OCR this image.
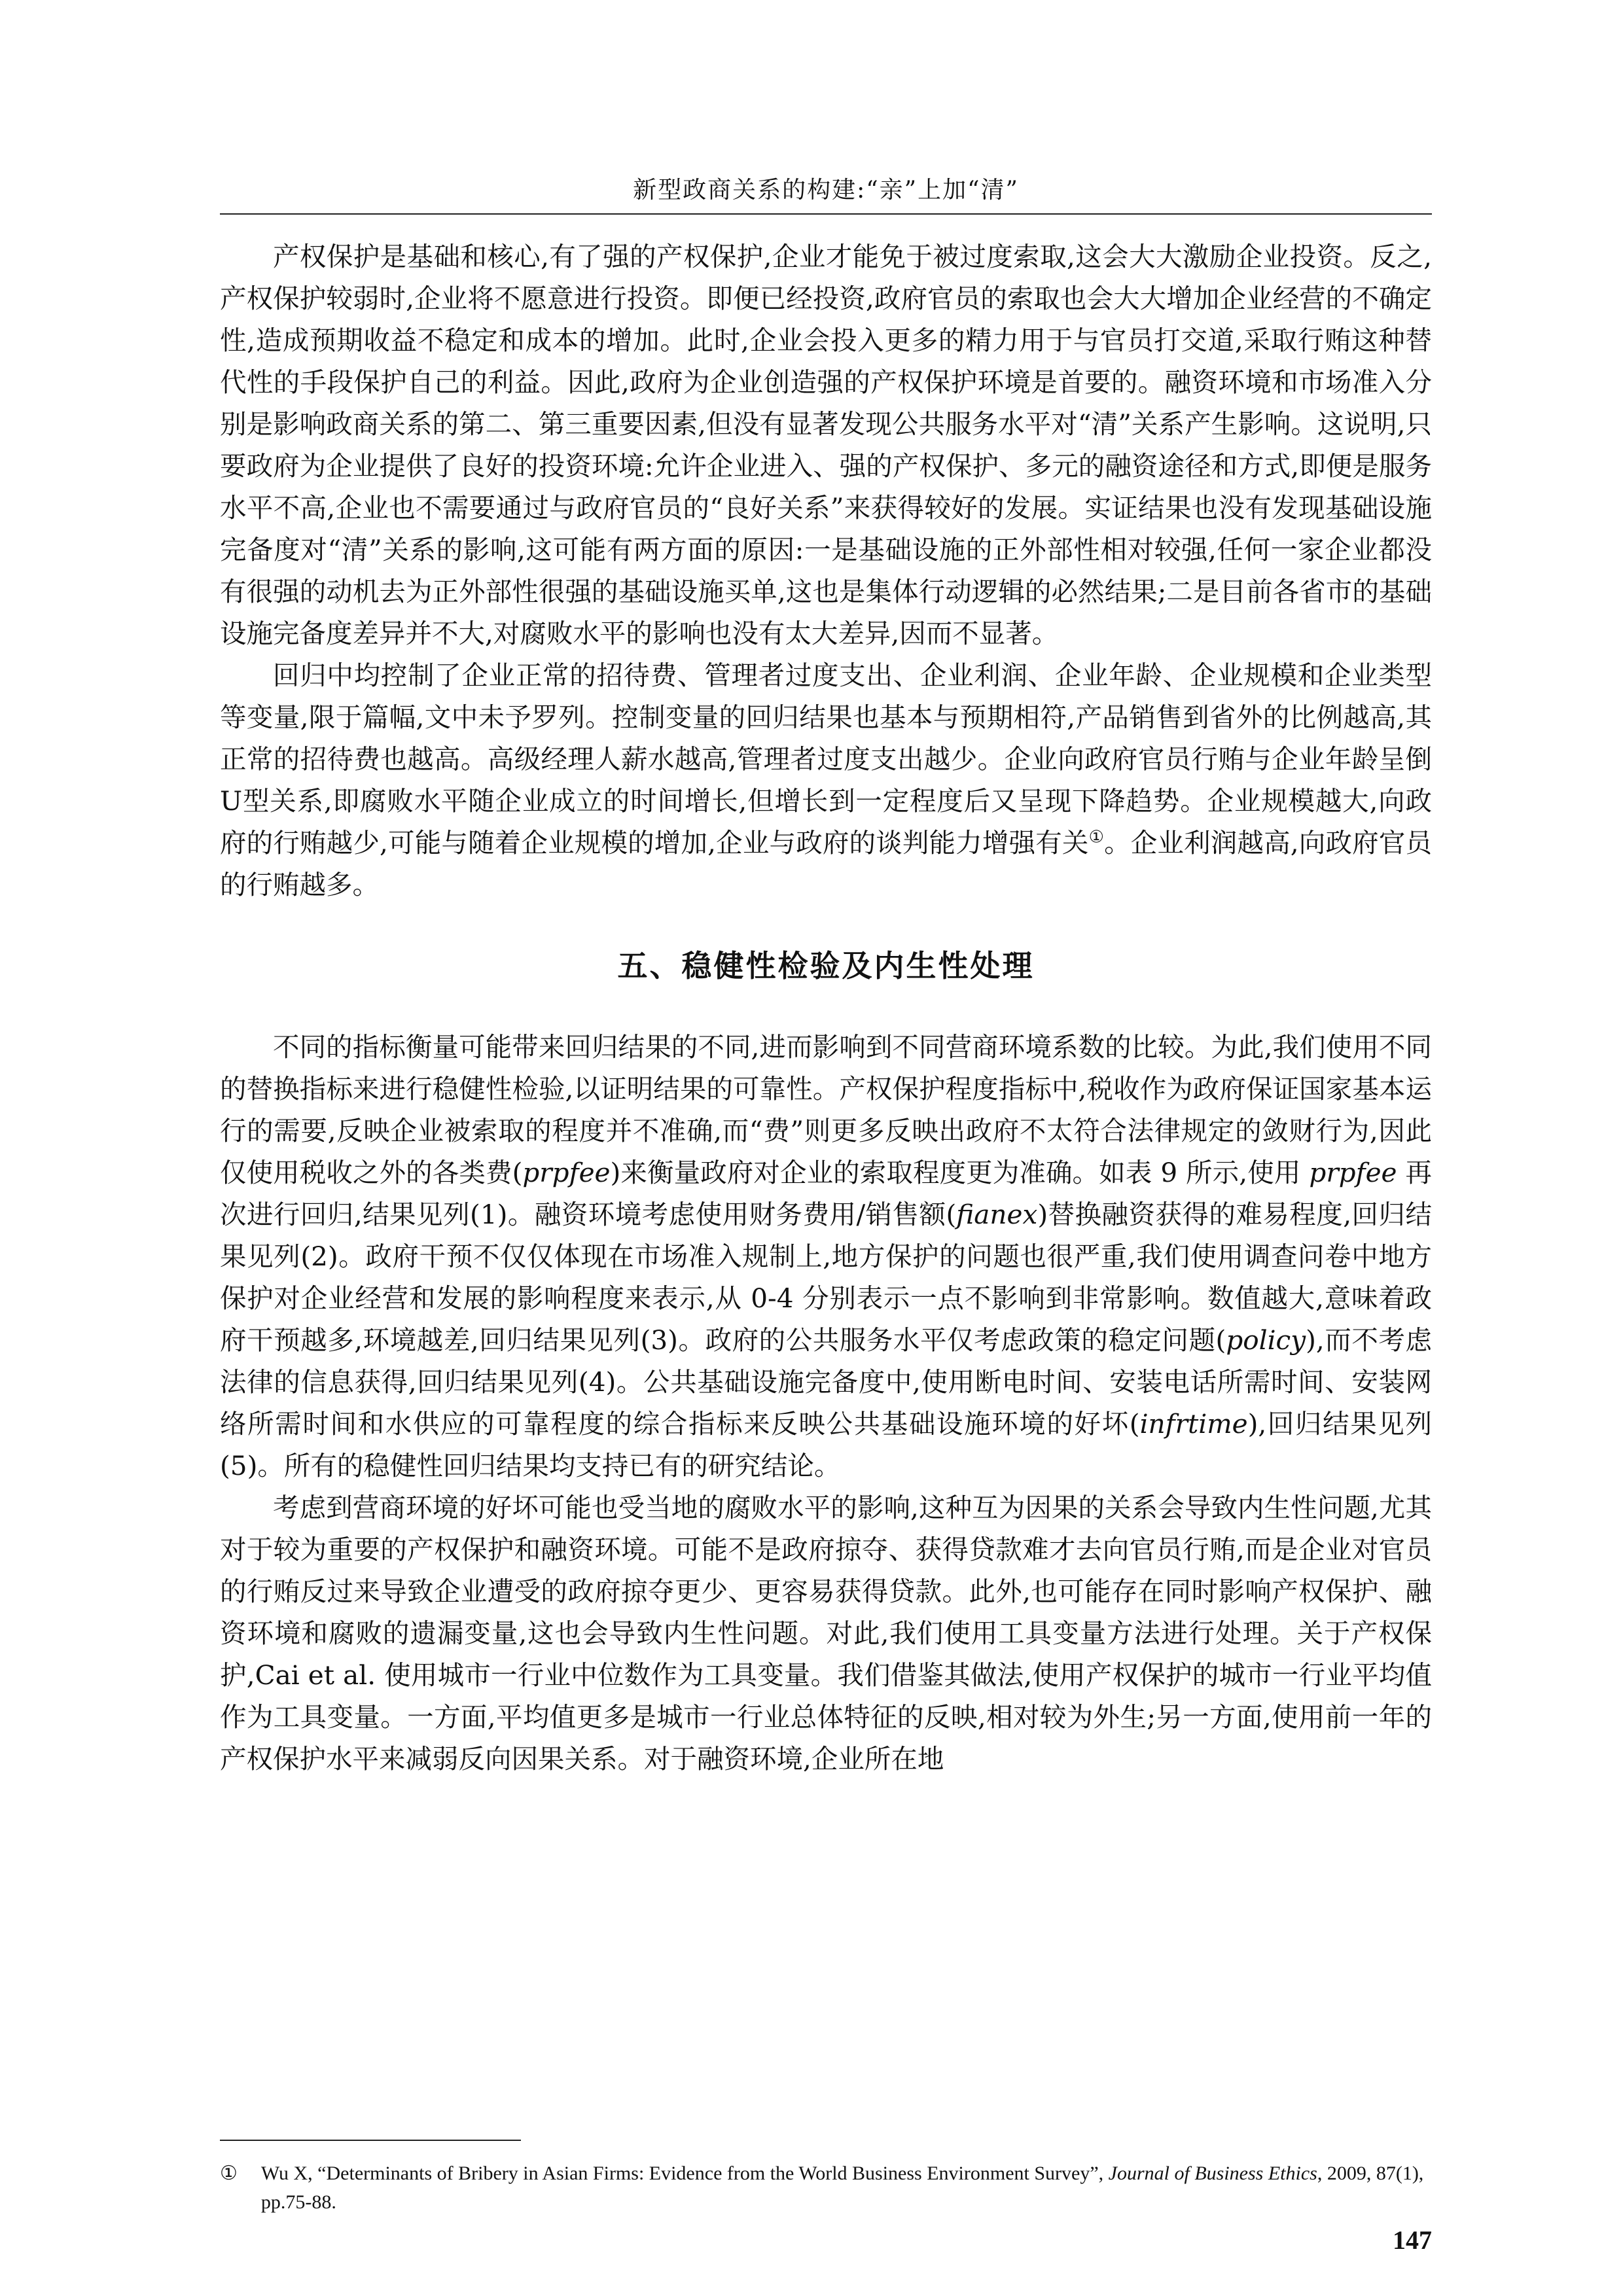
新型政商关系的构建:“亲”上加“清”

产权保护是基础和核心,有了强的产权保护,企业才能免于被过度索取,这会大大激励企业投资。反之,产权保护较弱时,企业将不愿意进行投资。即便已经投资,政府官员的索取也会大大增加企业经营的不确定性,造成预期收益不稳定和成本的增加。此时,企业会投入更多的精力用于与官员打交道,采取行贿这种替代性的手段保护自己的利益。因此,政府为企业创造强的产权保护环境是首要的。融资环境和市场准入分别是影响政商关系的第二、第三重要因素,但没有显著发现公共服务水平对“清”关系产生影响。这说明,只要政府为企业提供了良好的投资环境:允许企业进入、强的产权保护、多元的融资途径和方式,即便是服务水平不高,企业也不需要通过与政府官员的“良好关系”来获得较好的发展。实证结果也没有发现基础设施完备度对“清”关系的影响,这可能有两方面的原因:一是基础设施的正外部性相对较强,任何一家企业都没有很强的动机去为正外部性很强的基础设施买单,这也是集体行动逻辑的必然结果;二是目前各省市的基础设施完备度差异并不大,对腐败水平的影响也没有太大差异,因而不显著。

回归中均控制了企业正常的招待费、管理者过度支出、企业利润、企业年龄、企业规模和企业类型等变量,限于篇幅,文中未予罗列。控制变量的回归结果也基本与预期相符,产品销售到省外的比例越高,其正常的招待费也越高。高级经理人薪水越高,管理者过度支出越少。企业向政府官员行贿与企业年龄呈倒U型关系,即腐败水平随企业成立的时间增长,但增长到一定程度后又呈现下降趋势。企业规模越大,向政府的行贿越少,可能与随着企业规模的增加,企业与政府的谈判能力增强有关①。企业利润越高,向政府官员的行贿越多。

五、稳健性检验及内生性处理

不同的指标衡量可能带来回归结果的不同,进而影响到不同营商环境系数的比较。为此,我们使用不同的替换指标来进行稳健性检验,以证明结果的可靠性。产权保护程度指标中,税收作为政府保证国家基本运行的需要,反映企业被索取的程度并不准确,而“费”则更多反映出政府不太符合法律规定的敛财行为,因此仅使用税收之外的各类费(prpfee)来衡量政府对企业的索取程度更为准确。如表 9 所示,使用 prpfee 再次进行回归,结果见列(1)。融资环境考虑使用财务费用/销售额(fianex)替换融资获得的难易程度,回归结果见列(2)。政府干预不仅仅体现在市场准入规制上,地方保护的问题也很严重,我们使用调查问卷中地方保护对企业经营和发展的影响程度来表示,从 0-4 分别表示一点不影响到非常影响。数值越大,意味着政府干预越多,环境越差,回归结果见列(3)。政府的公共服务水平仅考虑政策的稳定问题(policy),而不考虑法律的信息获得,回归结果见列(4)。公共基础设施完备度中,使用断电时间、安装电话所需时间、安装网络所需时间和水供应的可靠程度的综合指标来反映公共基础设施环境的好坏(infrtime),回归结果见列(5)。所有的稳健性回归结果均支持已有的研究结论。

考虑到营商环境的好坏可能也受当地的腐败水平的影响,这种互为因果的关系会导致内生性问题,尤其对于较为重要的产权保护和融资环境。可能不是政府掠夺、获得贷款难才去向官员行贿,而是企业对官员的行贿反过来导致企业遭受的政府掠夺更少、更容易获得贷款。此外,也可能存在同时影响产权保护、融资环境和腐败的遗漏变量,这也会导致内生性问题。对此,我们使用工具变量方法进行处理。关于产权保护,Cai et al. 使用城市一行业中位数作为工具变量。我们借鉴其做法,使用产权保护的城市一行业平均值作为工具变量。一方面,平均值更多是城市一行业总体特征的反映,相对较为外生;另一方面,使用前一年的产权保护水平来减弱反向因果关系。对于融资环境,企业所在地

① Wu X, “Determinants of Bribery in Asian Firms: Evidence from the World Business Environment Survey”, Journal of Business Ethics, 2009, 87(1), pp.75-88.
147
